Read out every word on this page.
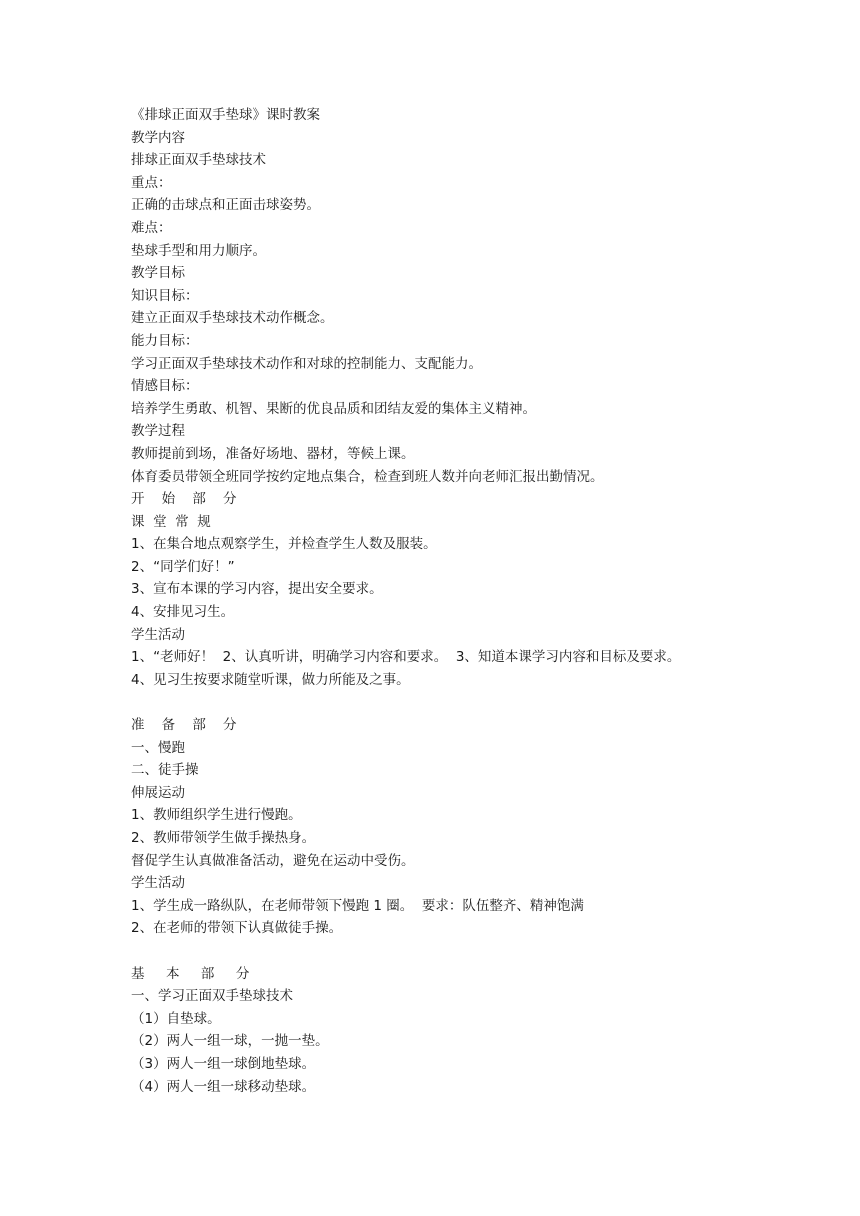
《排球正面双手垫球》课时教案
教学内容
排球正面双手垫球技术
重点：
正确的击球点和正面击球姿势。
难点：
垫球手型和用力顺序。
教学目标
知识目标：
建立正面双手垫球技术动作概念。
能力目标：
学习正面双手垫球技术动作和对球的控制能力、支配能力。
情感目标：
培养学生勇敢、机智、果断的优良品质和团结友爱的集体主义精神。
教学过程
教师提前到场，准备好场地、器材，等候上课。
体育委员带领全班同学按约定地点集合，检查到班人数并向老师汇报出勤情况。
开    始    部    分
课  堂  常  规
1、在集合地点观察学生，并检查学生人数及服装。
2、“同学们好！”
3、宣布本课的学习内容，提出安全要求。
4、安排见习生。
学生活动
1、“老师好！  2、认真听讲，明确学习内容和要求。  3、知道本课学习内容和目标及要求。
4、见习生按要求随堂听课，做力所能及之事。
准    备    部    分
一、慢跑
二、徒手操
伸展运动
1、教师组织学生进行慢跑。
2、教师带领学生做手操热身。
督促学生认真做准备活动，避免在运动中受伤。
学生活动
1、学生成一路纵队，在老师带领下慢跑 1 圈。  要求：队伍整齐、精神饱满
2、在老师的带领下认真做徒手操。
基     本     部     分
一、学习正面双手垫球技术
（1）自垫球。
（2）两人一组一球，一抛一垫。
（3）两人一组一球倒地垫球。
（4）两人一组一球移动垫球。
